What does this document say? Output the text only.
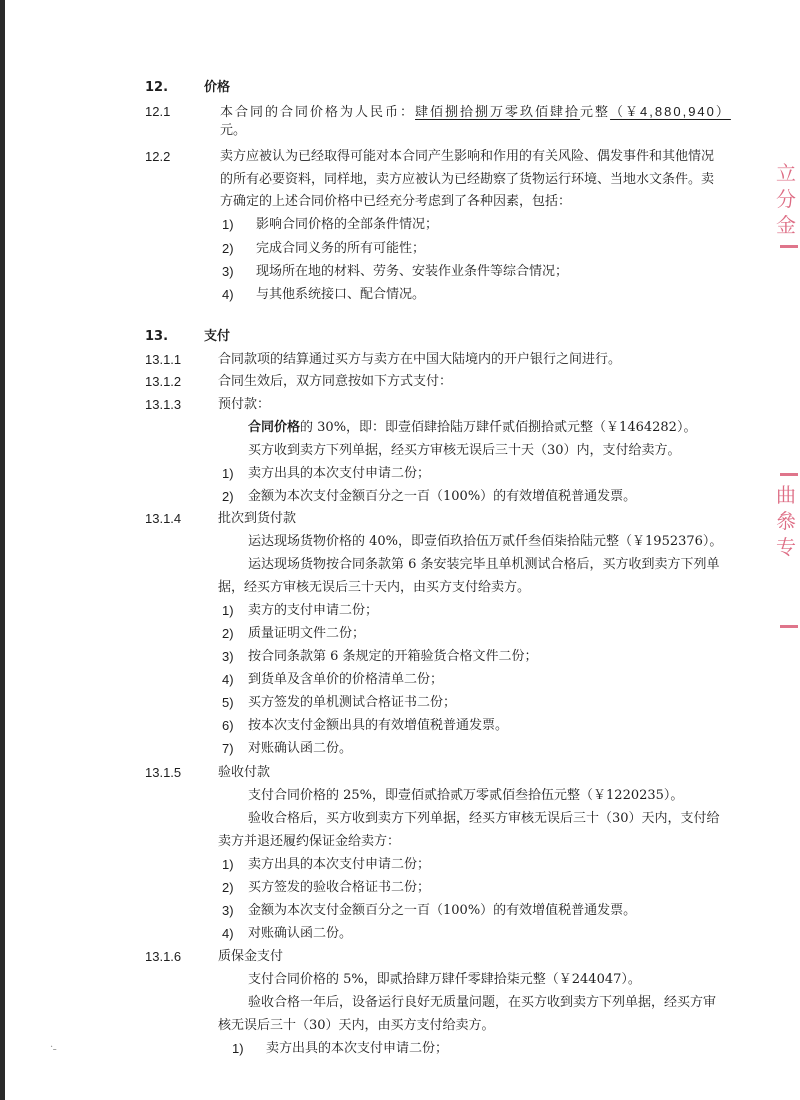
12.	价格
12.1	本合同的合同价格为人民币：肆佰捌拾捌万零玖佰肆拾元整（￥4,880,940）
元。
12.2	卖方应被认为已经取得可能对本合同产生影响和作用的有关风险、偶发事件和其他情况
的所有必要资料，同样地，卖方应被认为已经勘察了货物运行环境、当地水文条件。卖
方确定的上述合同价格中已经充分考虑到了各种因素，包括：
1) 影响合同价格的全部条件情况；
2) 完成合同义务的所有可能性；
3) 现场所在地的材料、劳务、安装作业条件等综合情况；
4) 与其他系统接口、配合情况。
13.	支付
13.1.1	合同款项的结算通过买方与卖方在中国大陆境内的开户银行之间进行。
13.1.2	合同生效后，双方同意按如下方式支付：
13.1.3	预付款：
合同价格的 30%，即：即壹佰肆拾陆万肆仟贰佰捌拾贰元整（￥1464282）。
买方收到卖方下列单据，经买方审核无误后三十天（30）内，支付给卖方。
1) 卖方出具的本次支付申请二份；
2) 金额为本次支付金额百分之一百（100%）的有效增值税普通发票。
13.1.4	批次到货付款
运达现场货物价格的 40%，即壹佰玖拾伍万贰仟叁佰柒拾陆元整（￥1952376）。
运达现场货物按合同条款第 6 条安装完毕且单机测试合格后，买方收到卖方下列单
据，经买方审核无误后三十天内，由买方支付给卖方。
1) 卖方的支付申请二份；
2) 质量证明文件二份；
3) 按合同条款第 6 条规定的开箱验货合格文件二份；
4) 到货单及含单价的价格清单二份；
5) 买方签发的单机测试合格证书二份；
6) 按本次支付金额出具的有效增值税普通发票。
7) 对账确认函二份。
13.1.5	验收付款
支付合同价格的 25%，即壹佰贰拾贰万零贰佰叁拾伍元整（￥1220235）。
验收合格后，买方收到卖方下列单据，经买方审核无误后三十（30）天内，支付给
卖方并退还履约保证金给卖方：
1) 卖方出具的本次支付申请二份；
2) 买方签发的验收合格证书二份；
3) 金额为本次支付金额百分之一百（100%）的有效增值税普通发票。
4) 对账确认函二份。
13.1.6	质保金支付
支付合同价格的 5%，即贰拾肆万肆仟零肆拾柒元整（￥244047）。
验收合格一年后，设备运行良好无质量问题，在买方收到卖方下列单据，经买方审
核无误后三十（30）天内，由买方支付给卖方。
1) 卖方出具的本次支付申请二份；
立
分
金
曲
叅
专
·ـ
